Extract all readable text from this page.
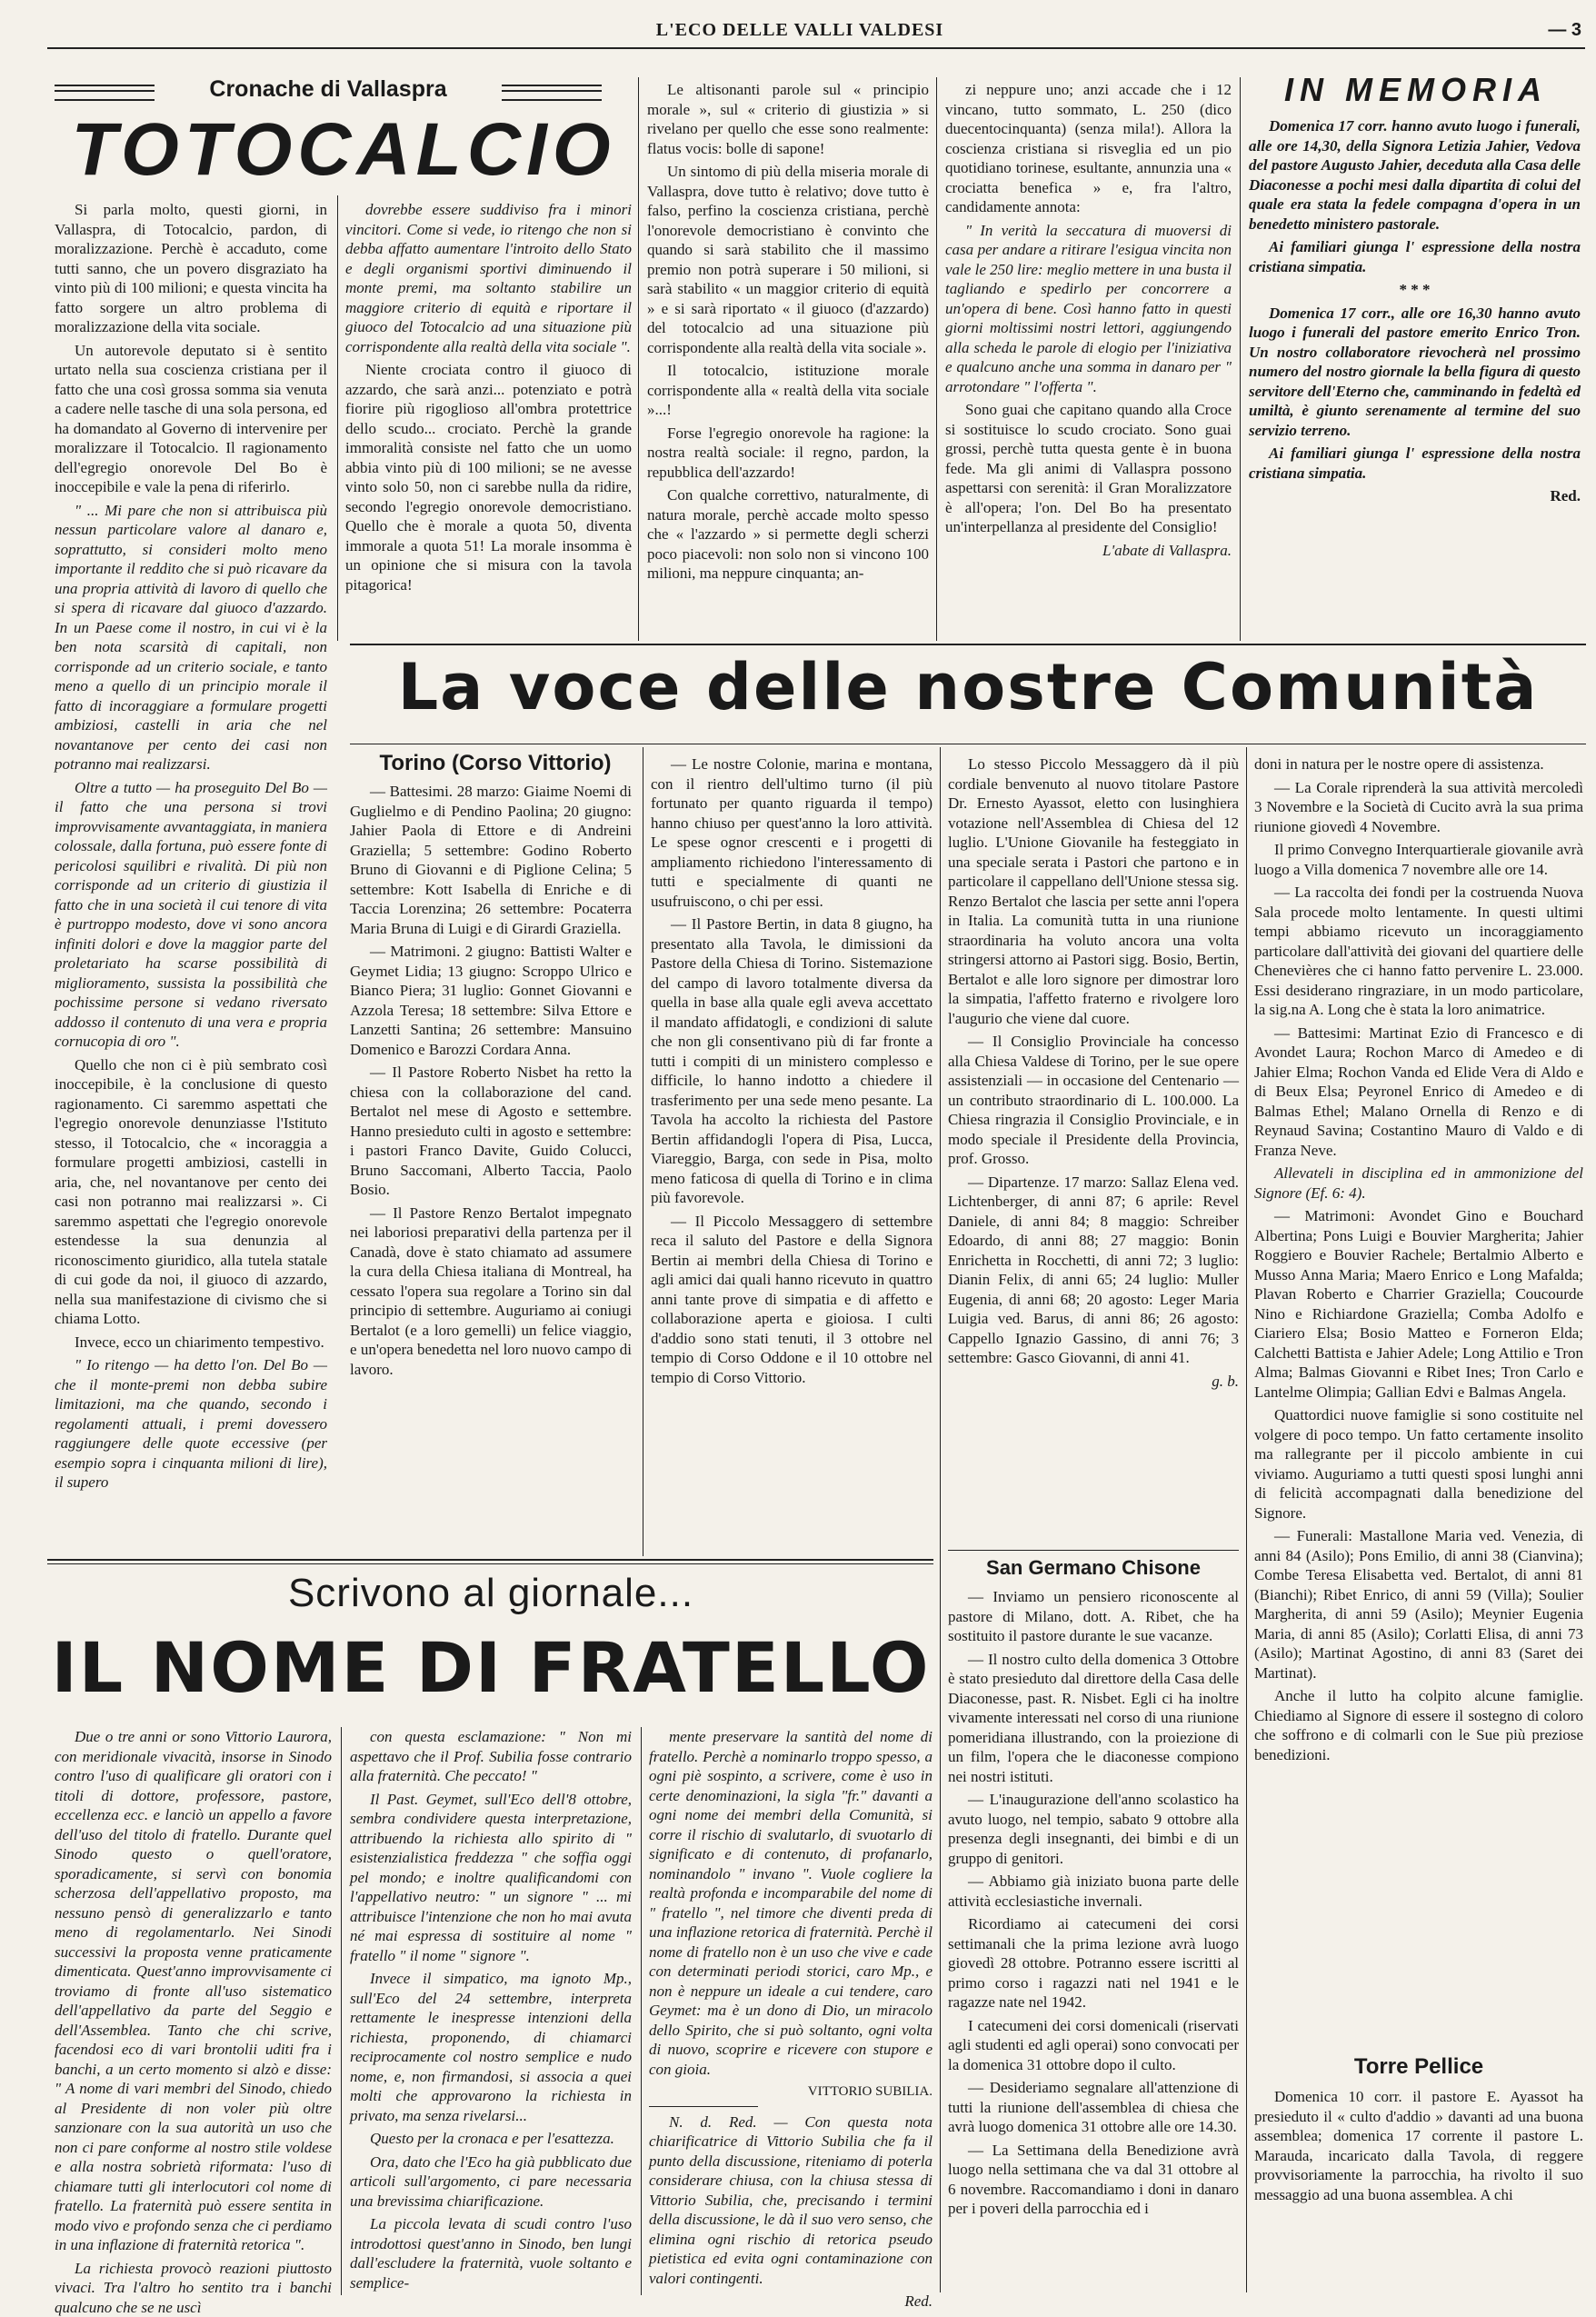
L'ECO DELLE VALLI VALDESI	— 3
Cronache di Vallaspra
TOTOCALCIO

Si parla molto, questi giorni, in Vallaspra, di Totocalcio, pardon, di moralizzazione. Perchè è accaduto, come tutti sanno, che un povero disgraziato ha vinto più di 100 milioni; e questa vincita ha fatto sorgere un altro problema di moralizzazione della vita sociale.

Un autorevole deputato si è sentito urtato nella sua coscienza cristiana per il fatto che una così grossa somma sia venuta a cadere nelle tasche di una sola persona, ed ha domandato al Governo di intervenire per moralizzare il Totocalcio. Il ragionamento dell'egregio onorevole Del Bo è inoccepibile e vale la pena di riferirlo.

" ... Mi pare che non si attribuisca più nessun particolare valore al danaro e, soprattutto, si consideri molto meno importante il reddito che si può ricavare da una propria attività di lavoro di quello che si spera di ricavare dal giuoco d'azzardo. In un Paese come il nostro, in cui vi è la ben nota scarsità di capitali, non corrisponde ad un criterio sociale, e tanto meno a quello di un principio morale il fatto di incoraggiare a formulare progetti ambiziosi, castelli in aria che nel novantanove per cento dei casi non potranno mai realizzarsi.

Oltre a tutto — ha proseguito Del Bo — il fatto che una persona si trovi improvvisamente avvantaggiata, in maniera colossale, dalla fortuna, può essere fonte di pericolosi squilibri e rivalità. Di più non corrisponde ad un criterio di giustizia il fatto che in una società il cui tenore di vita è purtroppo modesto, dove vi sono ancora infiniti dolori e dove la maggior parte del proletariato ha scarse possibilità di miglioramento, sussista la possibilità che pochissime persone si vedano riversato addosso il contenuto di una vera e propria cornucopia di oro ".

Quello che non ci è più sembrato così inoccepibile, è la conclusione di questo ragionamento. Ci saremmo aspettati che l'egregio onorevole denunziasse l'Istituto stesso, il Totocalcio, che « incoraggia a formulare progetti ambiziosi, castelli in aria, che, nel novantanove per cento dei casi non potranno mai realizzarsi ». Ci saremmo aspettati che l'egregio onorevole estendesse la sua denunzia al riconoscimento giuridico, alla tutela statale di cui gode da noi, il giuoco di azzardo, nella sua manifestazione di civismo che si chiama Lotto.

Invece, ecco un chiarimento tempestivo.

" Io ritengo — ha detto l'on. Del Bo — che il monte-premi non debba subire limitazioni, ma che quando, secondo i regolamenti attuali, i premi dovessero raggiungere delle quote eccessive (per esempio sopra i cinquanta milioni di lire), il supero

dovrebbe essere suddiviso fra i minori vincitori. Come si vede, io ritengo che non si debba affatto aumentare l'introito dello Stato e degli organismi sportivi diminuendo il monte premi, ma soltanto stabilire un maggiore criterio di equità e riportare il giuoco del Totocalcio ad una situazione più corrispondente alla realtà della vita sociale ".

Niente crociata contro il giuoco di azzardo, che sarà anzi... potenziato e potrà fiorire più rigoglioso all'ombra protettrice dello scudo... crociato. Perchè la grande immoralità consiste nel fatto che un uomo abbia vinto più di 100 milioni; se ne avesse vinto solo 50, non ci sarebbe nulla da ridire, secondo l'egregio onorevole democristiano. Quello che è morale a quota 50, diventa immorale a quota 51! La morale insomma è un opinione che si misura con la tavola pitagorica!

Le altisonanti parole sul « principio morale », sul « criterio di giustizia » si rivelano per quello che esse sono realmente: flatus vocis: bolle di sapone!

Un sintomo di più della miseria morale di Vallaspra, dove tutto è relativo; dove tutto è falso, perfino la coscienza cristiana, perchè l'onorevole democristiano è convinto che quando si sarà stabilito che il massimo premio non potrà superare i 50 milioni, si sarà stabilito « un maggior criterio di equità » e si sarà riportato « il giuoco (d'azzardo) del totocalcio ad una situazione più corrispondente alla realtà della vita sociale ».

Il totocalcio, istituzione morale corrispondente alla « realtà della vita sociale »...!

Forse l'egregio onorevole ha ragione: la nostra realtà sociale: il regno, pardon, la repubblica dell'azzardo!

Con qualche correttivo, naturalmente, di natura morale, perchè accade molto spesso che « l'azzardo » si permette degli scherzi poco piacevoli: non solo non si vincono 100 milioni, ma neppure cinquanta; an-

zi neppure uno; anzi accade che i 12 vincano, tutto sommato, L. 250 (dico duecentocinquanta) (senza mila!). Allora la coscienza cristiana si risveglia ed un pio quotidiano torinese, esultante, annunzia una « crociatta benefica » e, fra l'altro, candidamente annota:

" In verità la seccatura di muoversi di casa per andare a ritirare l'esigua vincita non vale le 250 lire: meglio mettere in una busta il tagliando e spedirlo per concorrere a un'opera di bene. Così hanno fatto in questi giorni moltissimi nostri lettori, aggiungendo alla scheda le parole di elogio per l'iniziativa e qualcuno anche una somma in danaro per " arrotondare " l'offerta ".

Sono guai che capitano quando alla Croce si sostituisce lo scudo crociato. Sono guai grossi, perchè tutta questa gente è in buona fede. Ma gli animi di Vallaspra possono aspettarsi con serenità: il Gran Moralizzatore è all'opera; l'on. Del Bo ha presentato un'interpellanza al presidente del Consiglio!

L'abate di Vallaspra.

IN MEMORIA

Domenica 17 corr. hanno avuto luogo i funerali, alle ore 14,30, della Signora Letizia Jahier, Vedova del pastore Augusto Jahier, deceduta alla Casa delle Diaconesse a pochi mesi dalla dipartita di colui del quale era stata la fedele compagna d'opera in un benedetto ministero pastorale.

Ai familiari giunga l' espressione della nostra cristiana simpatia.

* * *

Domenica 17 corr., alle ore 16,30 hanno avuto luogo i funerali del pastore emerito Enrico Tron. Un nostro collaboratore rievocherà nel prossimo numero del nostro giornale la bella figura di questo servitore dell'Eterno che, camminando in fedeltà ed umiltà, è giunto serenamente al termine del suo servizio terreno.

Ai familiari giunga l' espressione della nostra cristiana simpatia.

Red.

La voce delle nostre Comunità
Torino (Corso Vittorio)

— Battesimi. 28 marzo: Giaime Noemi di Guglielmo e di Pendino Paolina; 20 giugno: Jahier Paola di Ettore e di Andreini Graziella; 5 settembre: Godino Roberto Bruno di Giovanni e di Piglione Celina; 5 settembre: Kott Isabella di Enriche e di Taccia Lorenzina; 26 settembre: Pocaterra Maria Bruna di Luigi e di Girardi Graziella.

— Matrimoni. 2 giugno: Battisti Walter e Geymet Lidia; 13 giugno: Scroppo Ulrico e Bianco Piera; 31 luglio: Gonnet Giovanni e Azzola Teresa; 18 settembre: Silva Ettore e Lanzetti Santina; 26 settembre: Mansuino Domenico e Barozzi Cordara Anna.

— Il Pastore Roberto Nisbet ha retto la chiesa con la collaborazione del cand. Bertalot nel mese di Agosto e settembre. Hanno presieduto culti in agosto e settembre: i pastori Franco Davite, Guido Colucci, Bruno Saccomani, Alberto Taccia, Paolo Bosio.

— Il Pastore Renzo Bertalot impegnato nei laboriosi preparativi della partenza per il Canadà, dove è stato chiamato ad assumere la cura della Chiesa italiana di Montreal, ha cessato l'opera sua regolare a Torino sin dal principio di settembre. Auguriamo ai coniugi Bertalot (e a loro gemelli) un felice viaggio, e un'opera benedetta nel loro nuovo campo di lavoro.

— Le nostre Colonie, marina e montana, con il rientro dell'ultimo turno (il più fortunato per quanto riguarda il tempo) hanno chiuso per quest'anno la loro attività. Le spese ognor crescenti e i progetti di ampliamento richiedono l'interessamento di tutti e specialmente di quanti ne usufruiscono, o chi per essi.

— Il Pastore Bertin, in data 8 giugno, ha presentato alla Tavola, le dimissioni da Pastore della Chiesa di Torino. Sistemazione del campo di lavoro totalmente diversa da quella in base alla quale egli aveva accettato il mandato affidatogli, e condizioni di salute che non gli consentivano più di far fronte a tutti i compiti di un ministero complesso e difficile, lo hanno indotto a chiedere il trasferimento per una sede meno pesante. La Tavola ha accolto la richiesta del Pastore Bertin affidandogli l'opera di Pisa, Lucca, Viareggio, Barga, con sede in Pisa, molto meno faticosa di quella di Torino e in clima più favorevole.

— Il Piccolo Messaggero di settembre reca il saluto del Pastore e della Signora Bertin ai membri della Chiesa di Torino e agli amici dai quali hanno ricevuto in quattro anni tante prove di simpatia e di affetto e collaborazione aperta e gioiosa. I culti d'addio sono stati tenuti, il 3 ottobre nel tempio di Corso Oddone e il 10 ottobre nel tempio di Corso Vittorio.

Lo stesso Piccolo Messaggero dà il più cordiale benvenuto al nuovo titolare Pastore Dr. Ernesto Ayassot, eletto con lusinghiera votazione nell'Assemblea di Chiesa del 12 luglio. L'Unione Giovanile ha festeggiato in una speciale serata i Pastori che partono e in particolare il cappellano dell'Unione stessa sig. Renzo Bertalot che lascia per sette anni l'opera in Italia. La comunità tutta in una riunione straordinaria ha voluto ancora una volta stringersi attorno ai Pastori sigg. Bosio, Bertin, Bertalot e alle loro signore per dimostrar loro la simpatia, l'affetto fraterno e rivolgere loro l'augurio che viene dal cuore.

— Il Consiglio Provinciale ha concesso alla Chiesa Valdese di Torino, per le sue opere assistenziali — in occasione del Centenario — un contributo straordinario di L. 100.000. La Chiesa ringrazia il Consiglio Provinciale, e in modo speciale il Presidente della Provincia, prof. Grosso.

— Dipartenze. 17 marzo: Sallaz Elena ved. Lichtenberger, di anni 87; 6 aprile: Revel Daniele, di anni 84; 8 maggio: Schreiber Edoardo, di anni 88; 27 maggio: Bonin Enrichetta in Rocchetti, di anni 72; 3 luglio: Dianin Felix, di anni 65; 24 luglio: Muller Eugenia, di anni 68; 20 agosto: Leger Maria Luigia ved. Barus, di anni 86; 26 agosto: Cappello Ignazio Gassino, di anni 76; 3 settembre: Gasco Giovanni, di anni 41.

g. b.

San Germano Chisone

— Inviamo un pensiero riconoscente al pastore di Milano, dott. A. Ribet, che ha sostituito il pastore durante le sue vacanze.

— Il nostro culto della domenica 3 Ottobre è stato presieduto dal direttore della Casa delle Diaconesse, past. R. Nisbet. Egli ci ha inoltre vivamente interessati nel corso di una riunione pomeridiana illustrando, con la proiezione di un film, l'opera che le diaconesse compiono nei nostri istituti.

— L'inaugurazione dell'anno scolastico ha avuto luogo, nel tempio, sabato 9 ottobre alla presenza degli insegnanti, dei bimbi e di un gruppo di genitori.

— Abbiamo già iniziato buona parte delle attività ecclesiastiche invernali.

Ricordiamo ai catecumeni dei corsi settimanali che la prima lezione avrà luogo giovedì 28 ottobre. Potranno essere iscritti al primo corso i ragazzi nati nel 1941 e le ragazze nate nel 1942.

I catecumeni dei corsi domenicali (riservati agli studenti ed agli operai) sono convocati per la domenica 31 ottobre dopo il culto.

— Desideriamo segnalare all'attenzione di tutti la riunione dell'assemblea di chiesa che avrà luogo domenica 31 ottobre alle ore 14.30.

— La Settimana della Benedizione avrà luogo nella settimana che va dal 31 ottobre al 6 novembre. Raccomandiamo i doni in danaro per i poveri della parrocchia ed i

doni in natura per le nostre opere di assistenza.

— La Corale riprenderà la sua attività mercoledì 3 Novembre e la Società di Cucito avrà la sua prima riunione giovedì 4 Novembre.

Il primo Convegno Interquartierale giovanile avrà luogo a Villa domenica 7 novembre alle ore 14.

— La raccolta dei fondi per la costruenda Nuova Sala procede molto lentamente. In questi ultimi tempi abbiamo ricevuto un incoraggiamento particolare dall'attività dei giovani del quartiere delle Chenevières che ci hanno fatto pervenire L. 23.000. Essi desiderano ringraziare, in un modo particolare, la sig.na A. Long che è stata la loro animatrice.

— Battesimi: Martinat Ezio di Francesco e di Avondet Laura; Rochon Marco di Amedeo e di Jahier Elma; Rochon Vanda ed Elide Vera di Aldo e di Beux Elsa; Peyronel Enrico di Amedeo e di Balmas Ethel; Malano Ornella di Renzo e di Reynaud Savina; Costantino Mauro di Valdo e di Franza Neve.

Allevateli in disciplina ed in ammonizione del Signore (Ef. 6: 4).

— Matrimoni: Avondet Gino e Bouchard Albertina; Pons Luigi e Bouvier Margherita; Jahier Roggiero e Bouvier Rachele; Bertalmio Alberto e Musso Anna Maria; Maero Enrico e Long Mafalda; Plavan Roberto e Charrier Graziella; Coucourde Nino e Richiardone Graziella; Comba Adolfo e Ciariero Elsa; Bosio Matteo e Forneron Elda; Calchetti Battista e Jahier Adele; Long Attilio e Tron Alma; Balmas Giovanni e Ribet Ines; Tron Carlo e Lantelme Olimpia; Gallian Edvi e Balmas Angela.

Quattordici nuove famiglie si sono costituite nel volgere di poco tempo. Un fatto certamente insolito ma rallegrante per il piccolo ambiente in cui viviamo. Auguriamo a tutti questi sposi lunghi anni di felicità accompagnati dalla benedizione del Signore.

— Funerali: Mastallone Maria ved. Venezia, di anni 84 (Asilo); Pons Emilio, di anni 38 (Cianvina); Combe Teresa Elisabetta ved. Bertalot, di anni 81 (Bianchi); Ribet Enrico, di anni 59 (Villa); Soulier Margherita, di anni 59 (Asilo); Meynier Eugenia Maria, di anni 85 (Asilo); Corlatti Elisa, di anni 73 (Asilo); Martinat Agostino, di anni 83 (Saret dei Martinat).

Anche il lutto ha colpito alcune famiglie. Chiediamo al Signore di essere il sostegno di coloro che soffrono e di colmarli con le Sue più preziose benedizioni.

Torre Pellice

Domenica 10 corr. il pastore E. Ayassot ha presieduto il « culto d'addio » davanti ad una buona assemblea; domenica 17 corrente il pastore L. Marauda, incaricato dalla Tavola, di reggere provvisoriamente la parrocchia, ha rivolto il suo messaggio ad una buona assemblea. A chi

Scrivono al giornale...
IL NOME DI FRATELLO

Due o tre anni or sono Vittorio Laurora, con meridionale vivacità, insorse in Sinodo contro l'uso di qualificare gli oratori con i titoli di dottore, professore, pastore, eccellenza ecc. e lanciò un appello a favore dell'uso del titolo di fratello. Durante quel Sinodo questo o quell'oratore, sporadicamente, si servì con bonomia scherzosa dell'appellativo proposto, ma nessuno pensò di generalizzarlo e tanto meno di regolamentarlo. Nei Sinodi successivi la proposta venne praticamente dimenticata. Quest'anno improvvisamente ci troviamo di fronte all'uso sistematico dell'appellativo da parte del Seggio e dell'Assemblea. Tanto che chi scrive, facendosi eco di vari brontolii uditi fra i banchi, a un certo momento si alzò e disse: " A nome di vari membri del Sinodo, chiedo al Presidente di non voler più oltre sanzionare con la sua autorità un uso che non ci pare conforme al nostro stile voldese e alla nostra sobrietà riformata: l'uso di chiamare tutti gli interlocutori col nome di fratello. La fraternità può essere sentita in modo vivo e profondo senza che ci perdiamo in una inflazione di fraternità retorica ".

La richiesta provocò reazioni piuttosto vivaci. Tra l'altro ho sentito tra i banchi qualcuno che se ne uscì

con questa esclamazione: " Non mi aspettavo che il Prof. Subilia fosse contrario alla fraternità. Che peccato! "

Il Past. Geymet, sull'Eco dell'8 ottobre, sembra condividere questa interpretazione, attribuendo la richiesta allo spirito di " esistenzialistica freddezza " che soffia oggi pel mondo; e inoltre qualificandomi con l'appellativo neutro: " un signore " ... mi attribuisce l'intenzione che non ho mai avuta né mai espressa di sostituire al nome " fratello " il nome " signore ".

Invece il simpatico, ma ignoto Mp., sull'Eco del 24 settembre, interpreta rettamente le inespresse intenzioni della richiesta, proponendo, di chiamarci reciprocamente col nostro semplice e nudo nome, e, non firmandosi, si associa a quei molti che approvarono la richiesta in privato, ma senza rivelarsi...

Questo per la cronaca e per l'esattezza.

Ora, dato che l'Eco ha già pubblicato due articoli sull'argomento, ci pare necessaria una brevissima chiarificazione.

La piccola levata di scudi contro l'uso introdottosi quest'anno in Sinodo, ben lungi dall'escludere la fraternità, vuole soltanto e semplice-

mente preservare la santità del nome di fratello. Perchè a nominarlo troppo spesso, a ogni piè sospinto, a scrivere, come è uso in certe denominazioni, la sigla "fr." davanti a ogni nome dei membri della Comunità, si corre il rischio di svalutarlo, di svuotarlo di significato e di contenuto, di profanarlo, nominandolo " invano ". Vuole cogliere la realtà profonda e incomparabile del nome di " fratello ", nel timore che diventi preda di una inflazione retorica di fraternità. Perchè il nome di fratello non è un uso che vive e cade con determinati periodi storici, caro Mp., e non è neppure un ideale a cui tendere, caro Geymet: ma è un dono di Dio, un miracolo dello Spirito, che si può soltanto, ogni volta di nuovo, scoprire e ricevere con stupore e con gioia.

VITTORIO SUBILIA.

N. d. Red. — Con questa nota chiarificatrice di Vittorio Subilia che fa il punto della discussione, riteniamo di poterla considerare chiusa, con la chiusa stessa di Vittorio Subilia, che, precisando i termini della discussione, le dà il suo vero senso, che elimina ogni rischio di retorica pseudo pietistica ed evita ogni contaminazione con valori contingenti.

Red.
